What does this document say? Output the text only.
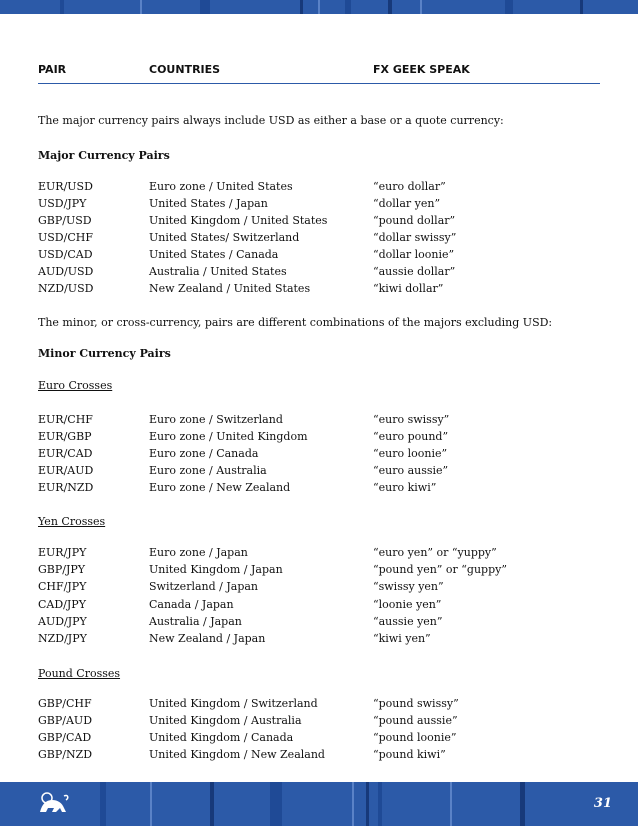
PAIR	COUNTRIES	FX GEEK SPEAK
The major currency pairs always include USD as either a base or a quote currency:
Major Currency Pairs
EUR/USD	Euro zone / United States	“euro dollar”
USD/JPY	United States / Japan	“dollar yen”
GBP/USD	United Kingdom / United States	“pound dollar”
USD/CHF	United States/ Switzerland	“dollar swissy”
USD/CAD	United States / Canada	“dollar loonie”
AUD/USD	Australia / United States	“aussie dollar”
NZD/USD	New Zealand / United States	“kiwi dollar”
The minor, or cross-currency, pairs are different combinations of the majors excluding USD:
Minor Currency Pairs
Euro Crosses
EUR/CHF	Euro zone / Switzerland	“euro swissy”
EUR/GBP	Euro zone / United Kingdom	“euro pound”
EUR/CAD	Euro zone / Canada	“euro loonie”
EUR/AUD	Euro zone / Australia	“euro aussie”
EUR/NZD	Euro zone / New Zealand	“euro kiwi”
Yen Crosses
EUR/JPY	Euro zone / Japan	“euro yen” or “yuppy”
GBP/JPY	United Kingdom / Japan	“pound yen” or “guppy”
CHF/JPY	Switzerland / Japan	“swissy yen”
CAD/JPY	Canada / Japan	“loonie yen”
AUD/JPY	Australia / Japan	“aussie yen”
NZD/JPY	New Zealand / Japan	“kiwi yen”
Pound Crosses
GBP/CHF	United Kingdom / Switzerland	“pound swissy”
GBP/AUD	United Kingdom / Australia	“pound aussie”
GBP/CAD	United Kingdom / Canada	“pound loonie”
GBP/NZD	United Kingdom / New Zealand	“pound kiwi”
31
